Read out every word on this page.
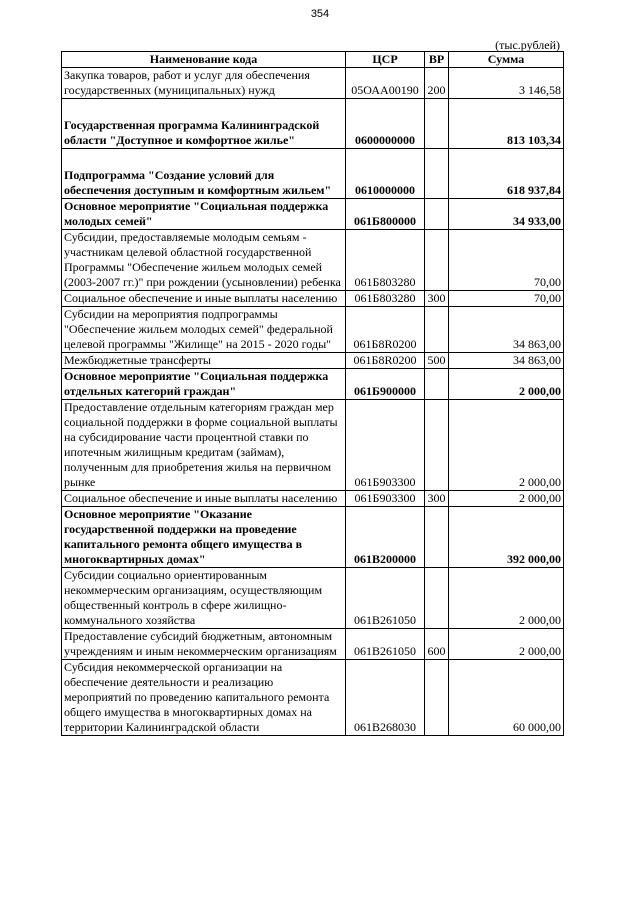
354
(тыс.рублей)
Наименование кода	ЦСР	ВР	Сумма
Закупка товаров, работ и услуг для обеспечения государственных (муниципальных) нужд	05ОАА00190	200	3 146,58
Государственная программа Калининградской области "Доступное и комфортное жилье"	0600000000		813 103,34
Подпрограмма "Создание условий для обеспечения доступным и комфортным жильем"	0610000000		618 937,84
Основное мероприятие "Социальная поддержка молодых семей"	061Б800000		34 933,00
Субсидии, предоставляемые молодым семьям - участникам целевой областной государственной Программы "Обеспечение жильем молодых семей (2003-2007 гг.)" при рождении (усыновлении) ребенка	061Б803280		70,00
Социальное обеспечение и иные выплаты населению	061Б803280	300	70,00
Субсидии на мероприятия подпрограммы "Обеспечение жильем молодых семей" федеральной целевой программы "Жилище" на 2015 - 2020 годы"	061Б8R0200		34 863,00
Межбюджетные трансферты	061Б8R0200	500	34 863,00
Основное мероприятие "Социальная поддержка отдельных категорий граждан"	061Б900000		2 000,00
Предоставление отдельным категориям граждан мер социальной поддержки в форме социальной выплаты на субсидирование части процентной ставки по ипотечным жилищным кредитам (займам), полученным для приобретения жилья на первичном рынке	061Б903300		2 000,00
Социальное обеспечение и иные выплаты населению	061Б903300	300	2 000,00
Основное мероприятие "Оказание государственной поддержки на проведение капитального ремонта общего имущества в многоквартирных домах"	061В200000		392 000,00
Субсидии социально ориентированным некоммерческим организациям, осуществляющим общественный контроль в сфере жилищно-коммунального хозяйства	061В261050		2 000,00
Предоставление субсидий бюджетным, автономным учреждениям и иным некоммерческим организациям	061В261050	600	2 000,00
Субсидия некоммерческой организации на обеспечение деятельности и реализацию мероприятий по проведению капитального ремонта общего имущества в многоквартирных домах на территории Калининградской области	061В268030		60 000,00
